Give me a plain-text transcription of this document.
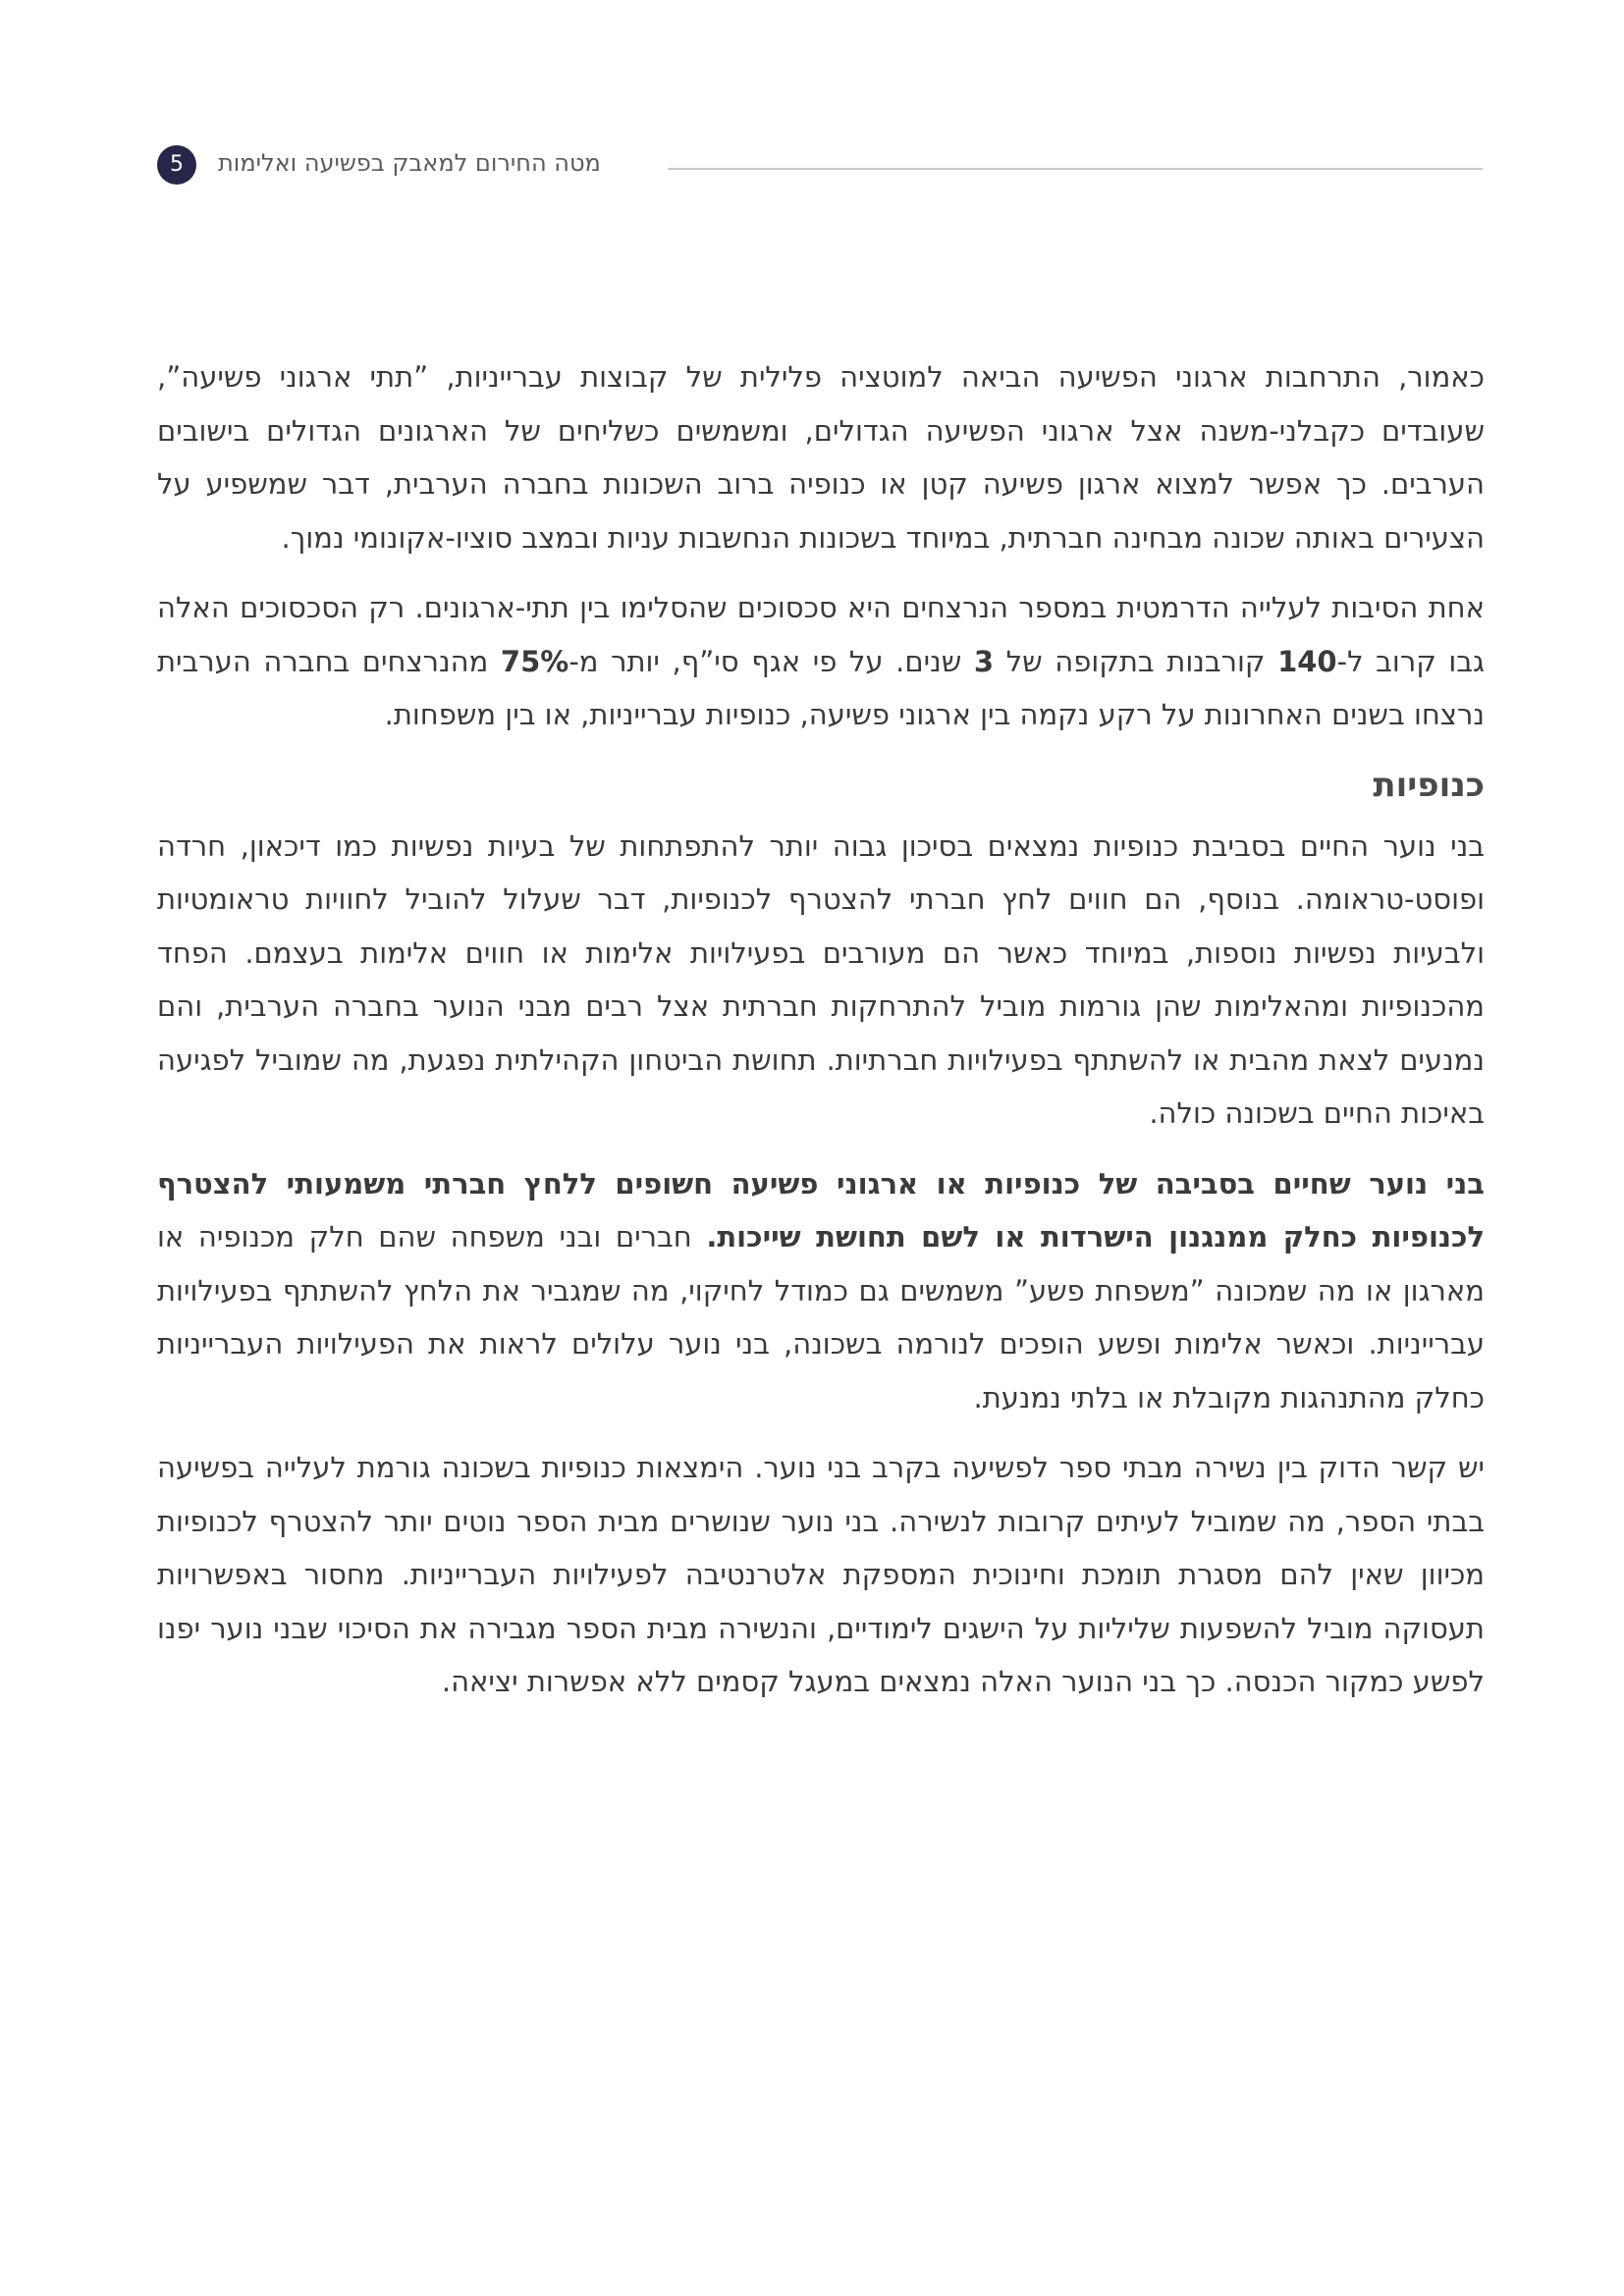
5	מטה החירום למאבק בפשיעה ואלימות

כאמור, התרחבות ארגוני הפשיעה הביאה למוטציה פלילית של קבוצות עברייניות, ”תתי ארגוני פשיעה”, שעובדים כקבלני-משנה אצל ארגוני הפשיעה הגדולים, ומשמשים כשליחים של הארגונים הגדולים בישובים הערבים. כך אפשר למצוא ארגון פשיעה קטן או כנופיה ברוב השכונות בחברה הערבית, דבר שמשפיע על הצעירים באותה שכונה מבחינה חברתית, במיוחד בשכונות הנחשבות עניות ובמצב סוציו-אקונומי נמוך.

אחת הסיבות לעלייה הדרמטית במספר הנרצחים היא סכסוכים שהסלימו בין תתי-ארגונים. רק הסכסוכים האלה גבו קרוב ל-140 קורבנות בתקופה של 3 שנים. על פי אגף סי”ף, יותר מ-75% מהנרצחים בחברה הערבית נרצחו בשנים האחרונות על רקע נקמה בין ארגוני פשיעה, כנופיות עברייניות, או בין משפחות.

כנופיות

בני נוער החיים בסביבת כנופיות נמצאים בסיכון גבוה יותר להתפתחות של בעיות נפשיות כמו דיכאון, חרדה ופוסט-טראומה. בנוסף, הם חווים לחץ חברתי להצטרף לכנופיות, דבר שעלול להוביל לחוויות טראומטיות ולבעיות נפשיות נוספות, במיוחד כאשר הם מעורבים בפעילויות אלימות או חווים אלימות בעצמם. הפחד מהכנופיות ומהאלימות שהן גורמות מוביל להתרחקות חברתית אצל רבים מבני הנוער בחברה הערבית, והם נמנעים לצאת מהבית או להשתתף בפעילויות חברתיות. תחושת הביטחון הקהילתית נפגעת, מה שמוביל לפגיעה באיכות החיים בשכונה כולה.

בני נוער שחיים בסביבה של כנופיות או ארגוני פשיעה חשופים ללחץ חברתי משמעותי להצטרף לכנופיות כחלק ממנגנון הישרדות או לשם תחושת שייכות. חברים ובני משפחה שהם חלק מכנופיה או מארגון או מה שמכונה ”משפחת פשע” משמשים גם כמודל לחיקוי, מה שמגביר את הלחץ להשתתף בפעילויות עברייניות. וכאשר אלימות ופשע הופכים לנורמה בשכונה, בני נוער עלולים לראות את הפעילויות העברייניות כחלק מהתנהגות מקובלת או בלתי נמנעת.

יש קשר הדוק בין נשירה מבתי ספר לפשיעה בקרב בני נוער. הימצאות כנופיות בשכונה גורמת לעלייה בפשיעה בבתי הספר, מה שמוביל לעיתים קרובות לנשירה. בני נוער שנושרים מבית הספר נוטים יותר להצטרף לכנופיות מכיוון שאין להם מסגרת תומכת וחינוכית המספקת אלטרנטיבה לפעילויות העברייניות. מחסור באפשרויות תעסוקה מוביל להשפעות שליליות על הישגים לימודיים, והנשירה מבית הספר מגבירה את הסיכוי שבני נוער יפנו לפשע כמקור הכנסה. כך בני הנוער האלה נמצאים במעגל קסמים ללא אפשרות יציאה.
